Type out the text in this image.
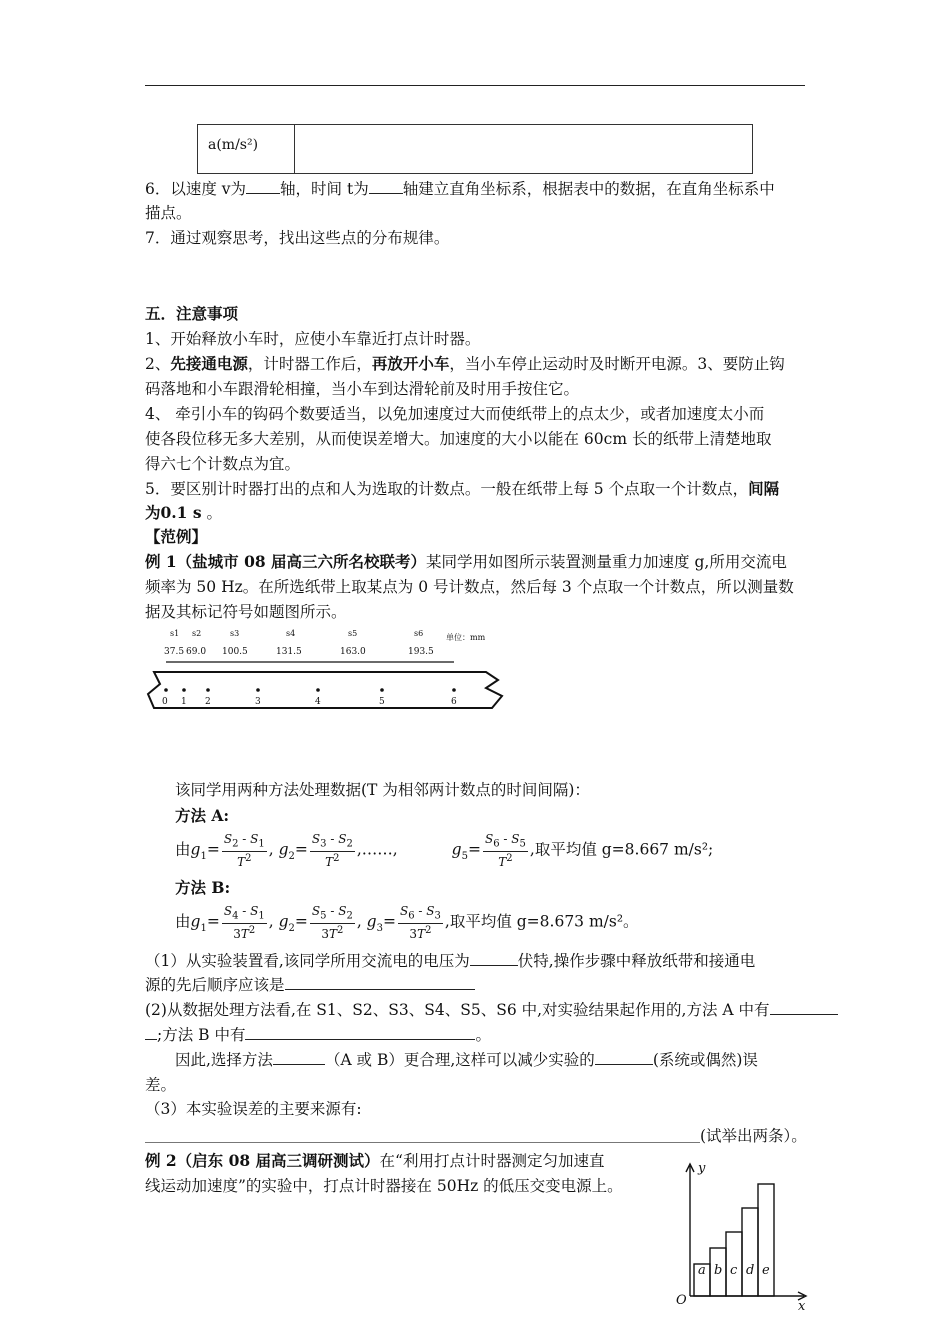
a(m/s²)
6．以速度 v为 轴，时间 t为 轴建立直角坐标系，根据表中的数据，在直角坐标系中
描点。
7．通过观察思考，找出这些点的分布规律。
五．注意事项
1、开始释放小车时，应使小车靠近打点计时器。
2、先接通电源，计时器工作后，再放开小车，当小车停止运动时及时断开电源。3、要防止钩
码落地和小车跟滑轮相撞，当小车到达滑轮前及时用手按住它。
4、 牵引小车的钩码个数要适当，以免加速度过大而使纸带上的点太少，或者加速度太小而
使各段位移无多大差别，从而使误差增大。加速度的大小以能在 60cm 长的纸带上清楚地取
得六七个计数点为宜。
5．要区别计时器打出的点和人为选取的计数点。一般在纸带上每 5 个点取一个计数点，间隔
为0.1 s 。
【范例】
例 1（盐城市 08 届高三六所名校联考）某同学用如图所示装置测量重力加速度 g,所用交流电
频率为 50 Hz。在所选纸带上取某点为 0 号计数点，然后每 3 个点取一个计数点，所以测量数
据及其标记符号如题图所示。
s1 s2	s3	s4	s5	s6	单位：mm
37.5 69.0 100.5	131.5	163.0	193.5
0 1 2	3	4	5	6
该同学用两种方法处理数据(T 为相邻两计数点的时间间隔)：
方法 A:
由$g_1= \frac{S_2 - S_1}{T^2}$ , $g_2= \frac{S_3 - S_2}{T^2}$ ,……,	$g_5= \frac{S_6 - S_5}{T^2}$ ,取平均值 g=8.667 m/s²;
方法 B:
由$g_1= \frac{S_4 - S_1}{3T^2}$ , $g_2= \frac{S_5 - S_2}{3T^2}$ , $g_3= \frac{S_6 - S_3}{3T^2}$ ,取平均值 g=8.673 m/s²。
（1）从实验装置看,该同学所用交流电的电压为	伏特,操作步骤中释放纸带和接通电
源的先后顺序应该是
(2)从数据处理方法看,在 S1、S2、S3、S4、S5、S6 中,对实验结果起作用的,方法 A 中有
;方法 B 中有	。
因此,选择方法	（A 或 B）更合理,这样可以减少实验的	(系统或偶然)误
差。
（3）本实验误差的主要来源有:
(试举出两条）。
例 2（启东 08 届高三调研测试）在“利用打点计时器测定匀加速直
线运动加速度”的实验中，打点计时器接在 50Hz 的低压交变电源上。
y
x
O
a b c d e
